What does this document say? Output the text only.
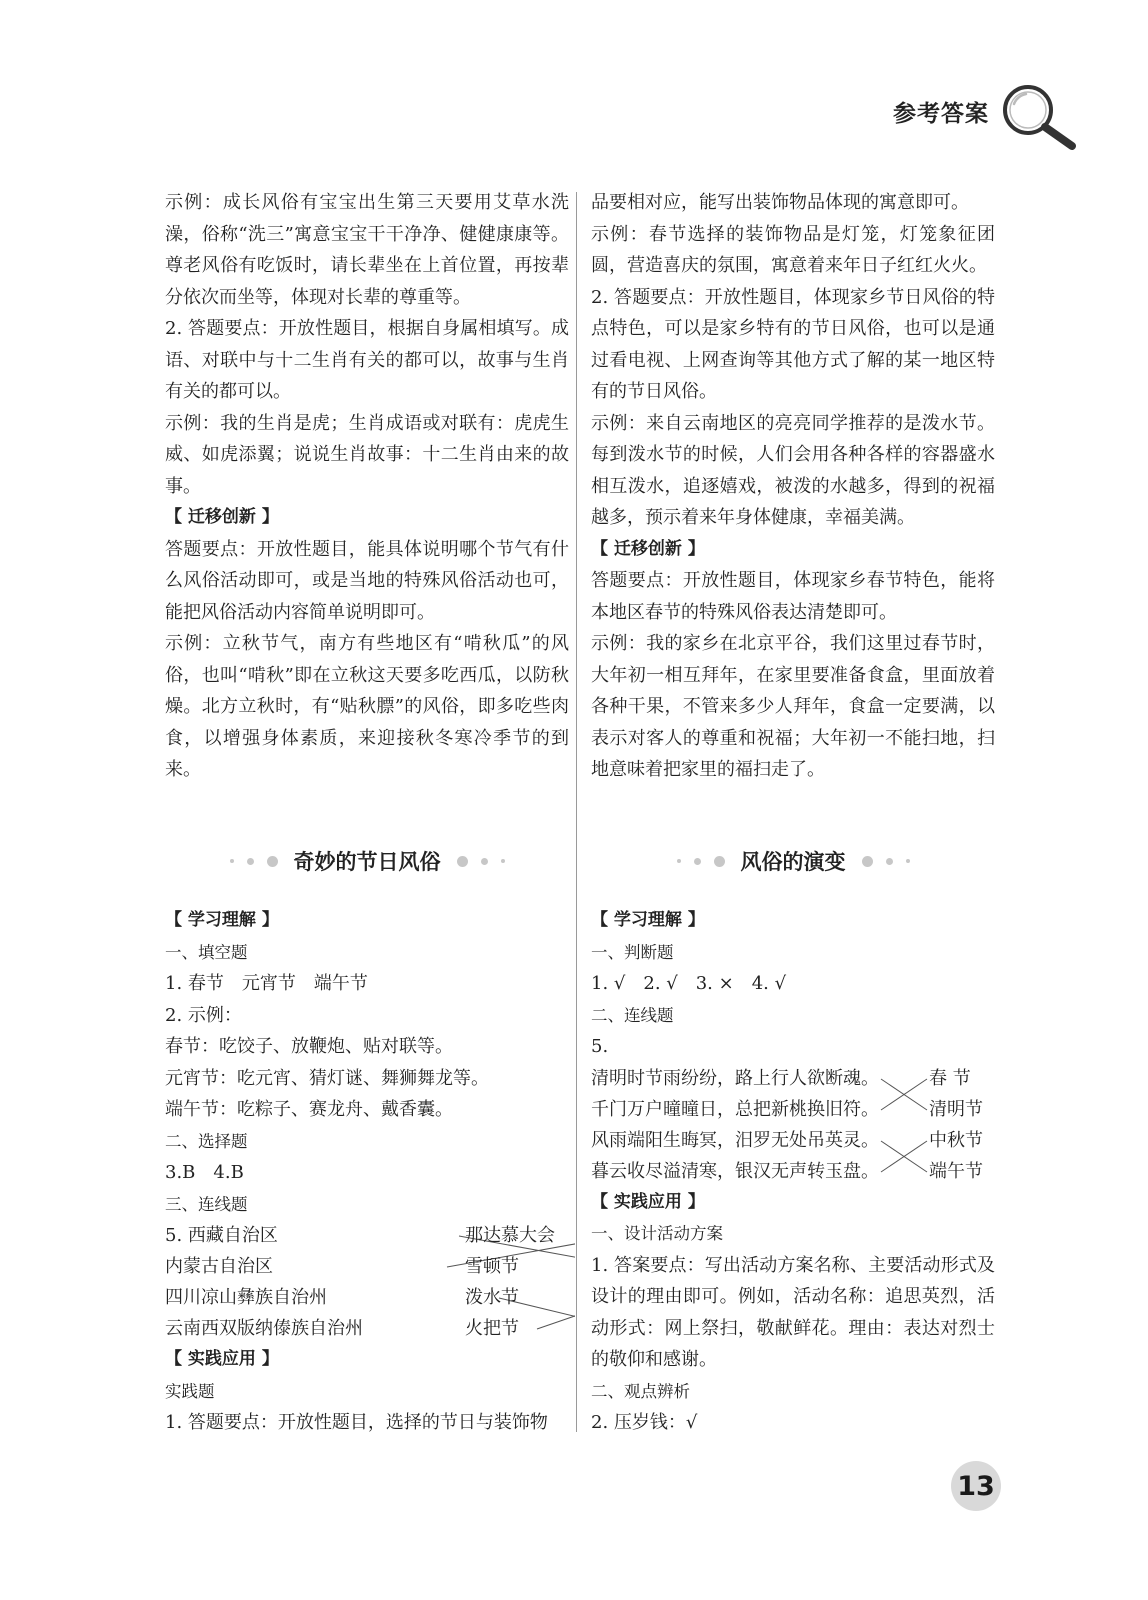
参考答案

示例：成长风俗有宝宝出生第三天要用艾草水洗澡，俗称“洗三”寓意宝宝干干净净、健健康康等。尊老风俗有吃饭时，请长辈坐在上首位置，再按辈分依次而坐等，体现对长辈的尊重等。

2. 答题要点：开放性题目，根据自身属相填写。成语、对联中与十二生肖有关的都可以，故事与生肖有关的都可以。

示例：我的生肖是虎；生肖成语或对联有：虎虎生威、如虎添翼；说说生肖故事：十二生肖由来的故事。

【 迁移创新 】

答题要点：开放性题目，能具体说明哪个节气有什么风俗活动即可，或是当地的特殊风俗活动也可，能把风俗活动内容简单说明即可。

示例：立秋节气，南方有些地区有“啃秋瓜”的风俗，也叫“啃秋”即在立秋这天要多吃西瓜，以防秋燥。北方立秋时，有“贴秋膘”的风俗，即多吃些肉食，以增强身体素质，来迎接秋冬寒冷季节的到来。

品要相对应，能写出装饰物品体现的寓意即可。

示例：春节选择的装饰物品是灯笼，灯笼象征团圆，营造喜庆的氛围，寓意着来年日子红红火火。

2. 答题要点：开放性题目，体现家乡节日风俗的特点特色，可以是家乡特有的节日风俗，也可以是通过看电视、上网查询等其他方式了解的某一地区特有的节日风俗。

示例：来自云南地区的亮亮同学推荐的是泼水节。每到泼水节的时候，人们会用各种各样的容器盛水相互泼水，追逐嬉戏，被泼的水越多，得到的祝福越多，预示着来年身体健康，幸福美满。

【 迁移创新 】

答题要点：开放性题目，体现家乡春节特色，能将本地区春节的特殊风俗表达清楚即可。

示例：我的家乡在北京平谷，我们这里过春节时，大年初一相互拜年，在家里要准备食盒，里面放着各种干果，不管来多少人拜年，食盒一定要满，以表示对客人的尊重和祝福；大年初一不能扫地，扫地意味着把家里的福扫走了。

奇妙的节日风俗	风俗的演变

【 学习理解 】

一、填空题

1. 春节　元宵节　端午节

2. 示例：

春节：吃饺子、放鞭炮、贴对联等。

元宵节：吃元宵、猜灯谜、舞狮舞龙等。

端午节：吃粽子、赛龙舟、戴香囊。

二、选择题

3.B　4.B

三、连线题

5. 西藏自治区
内蒙古自治区
四川凉山彝族自治州
云南西双版纳傣族自治州
那达慕大会
雪顿节
泼水节
火把节

【 实践应用 】

实践题

1. 答题要点：开放性题目，选择的节日与装饰物

【 学习理解 】

一、判断题

1. √　2. √　3. ×　4. √

二、连线题

5.

清明时节雨纷纷，路上行人欲断魂。
千门万户曈曈日，总把新桃换旧符。
风雨端阳生晦冥，汨罗无处吊英灵。
暮云收尽溢清寒，银汉无声转玉盘。
春 节
清明节
中秋节
端午节

【 实践应用 】

一、设计活动方案

1. 答案要点：写出活动方案名称、主要活动形式及设计的理由即可。例如，活动名称：追思英烈，活动形式：网上祭扫，敬献鲜花。理由：表达对烈士的敬仰和感谢。

二、观点辨析

2. 压岁钱：√

13
